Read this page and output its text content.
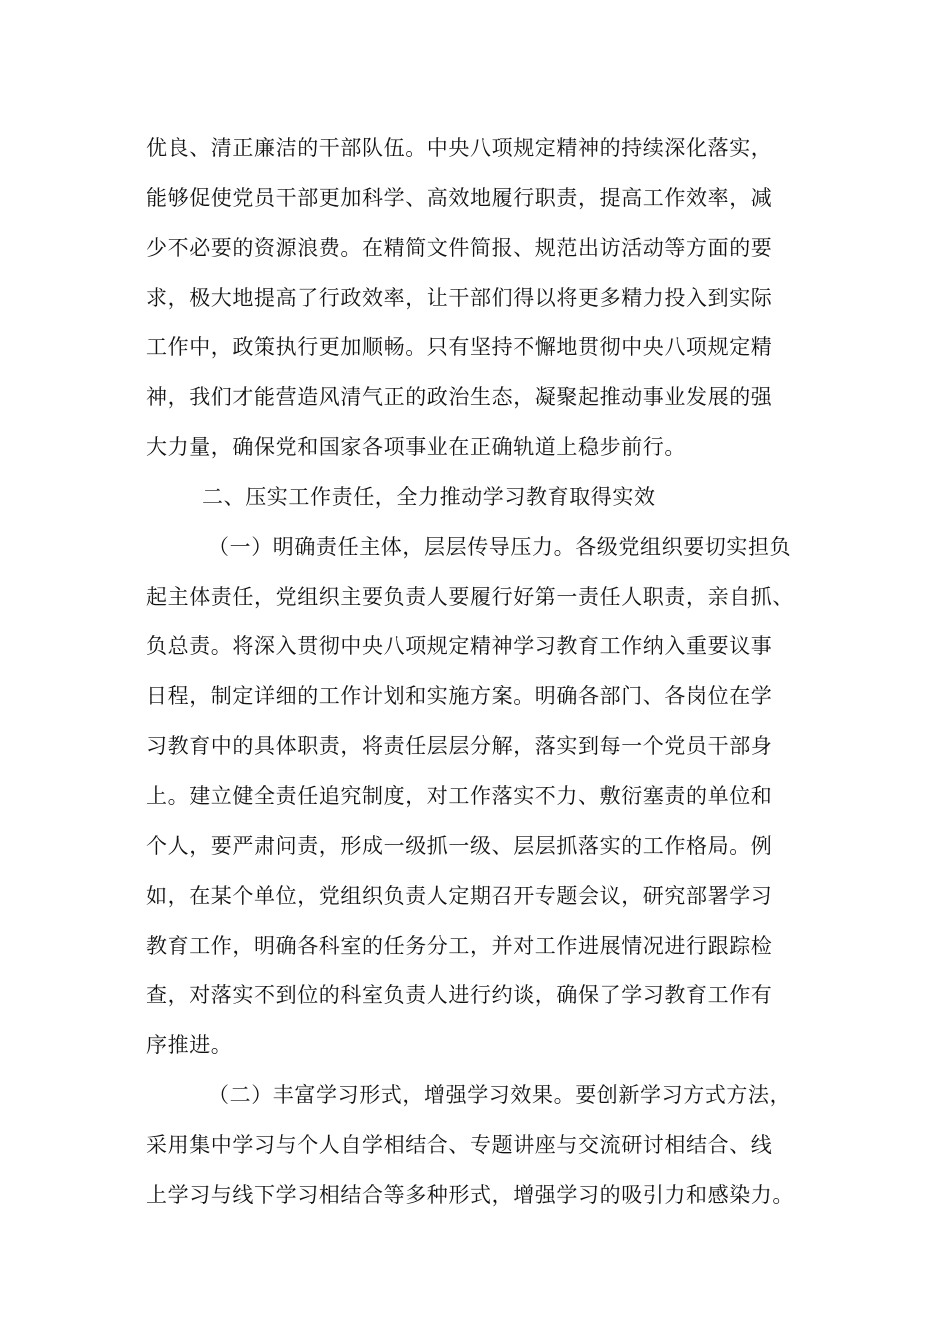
优良、清正廉洁的干部队伍。中央八项规定精神的持续深化落实，
能够促使党员干部更加科学、高效地履行职责，提高工作效率，减
少不必要的资源浪费。在精简文件简报、规范出访活动等方面的要
求，极大地提高了行政效率，让干部们得以将更多精力投入到实际
工作中，政策执行更加顺畅。只有坚持不懈地贯彻中央八项规定精
神，我们才能营造风清气正的政治生态，凝聚起推动事业发展的强
大力量，确保党和国家各项事业在正确轨道上稳步前行。
二、压实工作责任，全力推动学习教育取得实效
（一）明确责任主体，层层传导压力。各级党组织要切实担负
起主体责任，党组织主要负责人要履行好第一责任人职责，亲自抓、
负总责。将深入贯彻中央八项规定精神学习教育工作纳入重要议事
日程，制定详细的工作计划和实施方案。明确各部门、各岗位在学
习教育中的具体职责，将责任层层分解，落实到每一个党员干部身
上。建立健全责任追究制度，对工作落实不力、敷衍塞责的单位和
个人，要严肃问责，形成一级抓一级、层层抓落实的工作格局。例
如，在某个单位，党组织负责人定期召开专题会议，研究部署学习
教育工作，明确各科室的任务分工，并对工作进展情况进行跟踪检
查，对落实不到位的科室负责人进行约谈，确保了学习教育工作有
序推进。
（二）丰富学习形式，增强学习效果。要创新学习方式方法，
采用集中学习与个人自学相结合、专题讲座与交流研讨相结合、线
上学习与线下学习相结合等多种形式，增强学习的吸引力和感染力。
